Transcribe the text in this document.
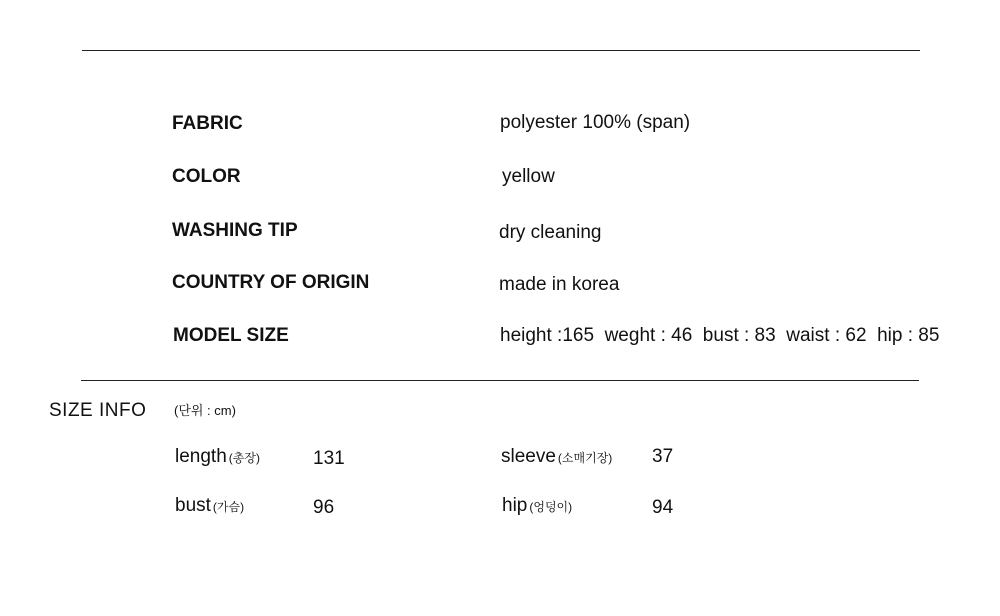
FABRIC	polyester 100% (span)
COLOR	yellow
WASHING TIP	dry cleaning
COUNTRY OF ORIGIN	made in korea
MODEL SIZE	height :165  weght : 46  bust : 83  waist : 62  hip : 85
SIZE INFO (단위 : cm)
length (총장)	131	sleeve (소매기장) 37
bust (가슴)	96	hip (엉덩이)	94
